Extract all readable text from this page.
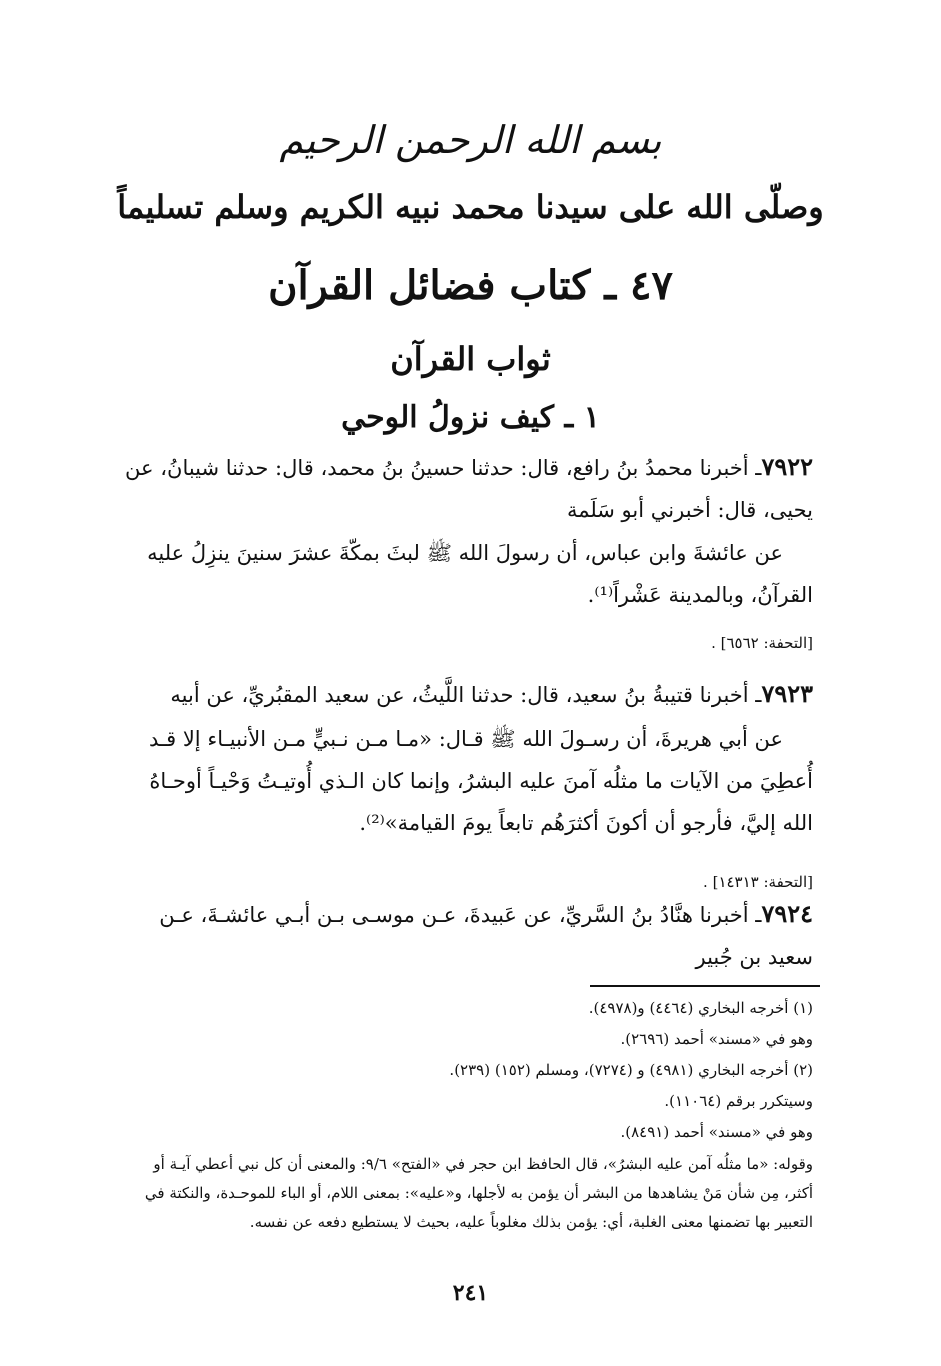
بسم الله الرحمن الرحيم
وصلّى الله على سيدنا محمد نبيه الكريم وسلم تسليماً
٤٧ ـ كتاب فضائل القرآن
ثواب القرآن
١ ـ كيف نزولُ الوحي
٧٩٢٢ـ أخبرنا محمدُ بنُ رافع، قال: حدثنا حسينُ بنُ محمد، قال: حدثنا شيبانُ، عن يحيى، قال: أخبرني أبو سَلَمة
عن عائشةَ وابن عباس، أن رسولَ الله ﷺ لبثَ بمكّةَ عشرَ سنينَ ينزِلُ عليه القرآنُ، وبالمدينة عَشْراً⁽¹⁾.
[التحفة: ٦٥٦٢] .
٧٩٢٣ـ أخبرنا قتيبةُ بنُ سعيد، قال: حدثنا اللَّيثُ، عن سعيد المقبُريِّ، عن أبيه
عن أبي هريرةَ، أن رسـولَ الله ﷺ قـال: «مـا مـن نـبيٍّ مـن الأنبيـاء إلا قـد أُعطِيَ من الآيات ما مثلُه آمنَ عليه البشرُ، وإنما كان الـذي أُوتيـتُ وَحْيـاً أوحـاهُ الله إليَّ، فأرجو أن أكونَ أكثرَهُم تابعاً يومَ القيامة»⁽²⁾.
[التحفة: ١٤٣١٣] .
٧٩٢٤ـ أخبرنا هنَّادُ بنُ السَّريِّ، عن عَبيدةَ، عـن موسـى بـن أبـي عائشـةَ، عـن سعيد بن جُبير
(١) أخرجه البخاري (٤٤٦٤) و(٤٩٧٨).
وهو في «مسند» أحمد (٢٦٩٦).
(٢) أخرجه البخاري (٤٩٨١) و (٧٢٧٤)، ومسلم (١٥٢) (٢٣٩).
وسيتكرر برقم (١١٠٦٤).
وهو في «مسند» أحمد (٨٤٩١).
وقوله: «ما مثلُه آمن عليه البشرُ»، قال الحافظ ابن حجر في «الفتح» ٩/٦: والمعنى أن كل نبي أعطي آيـة أو أكثر، مِن شأن مَنْ يشاهدها من البشر أن يؤمن به لأجلها، و«عليه»: بمعنى اللام، أو الباء للموحـدة، والنكتة في التعبير بها تضمنها معنى الغلبة، أي: يؤمن بذلك مغلوباً عليه، بحيث لا يستطيع دفعه عن نفسه.
٢٤١
